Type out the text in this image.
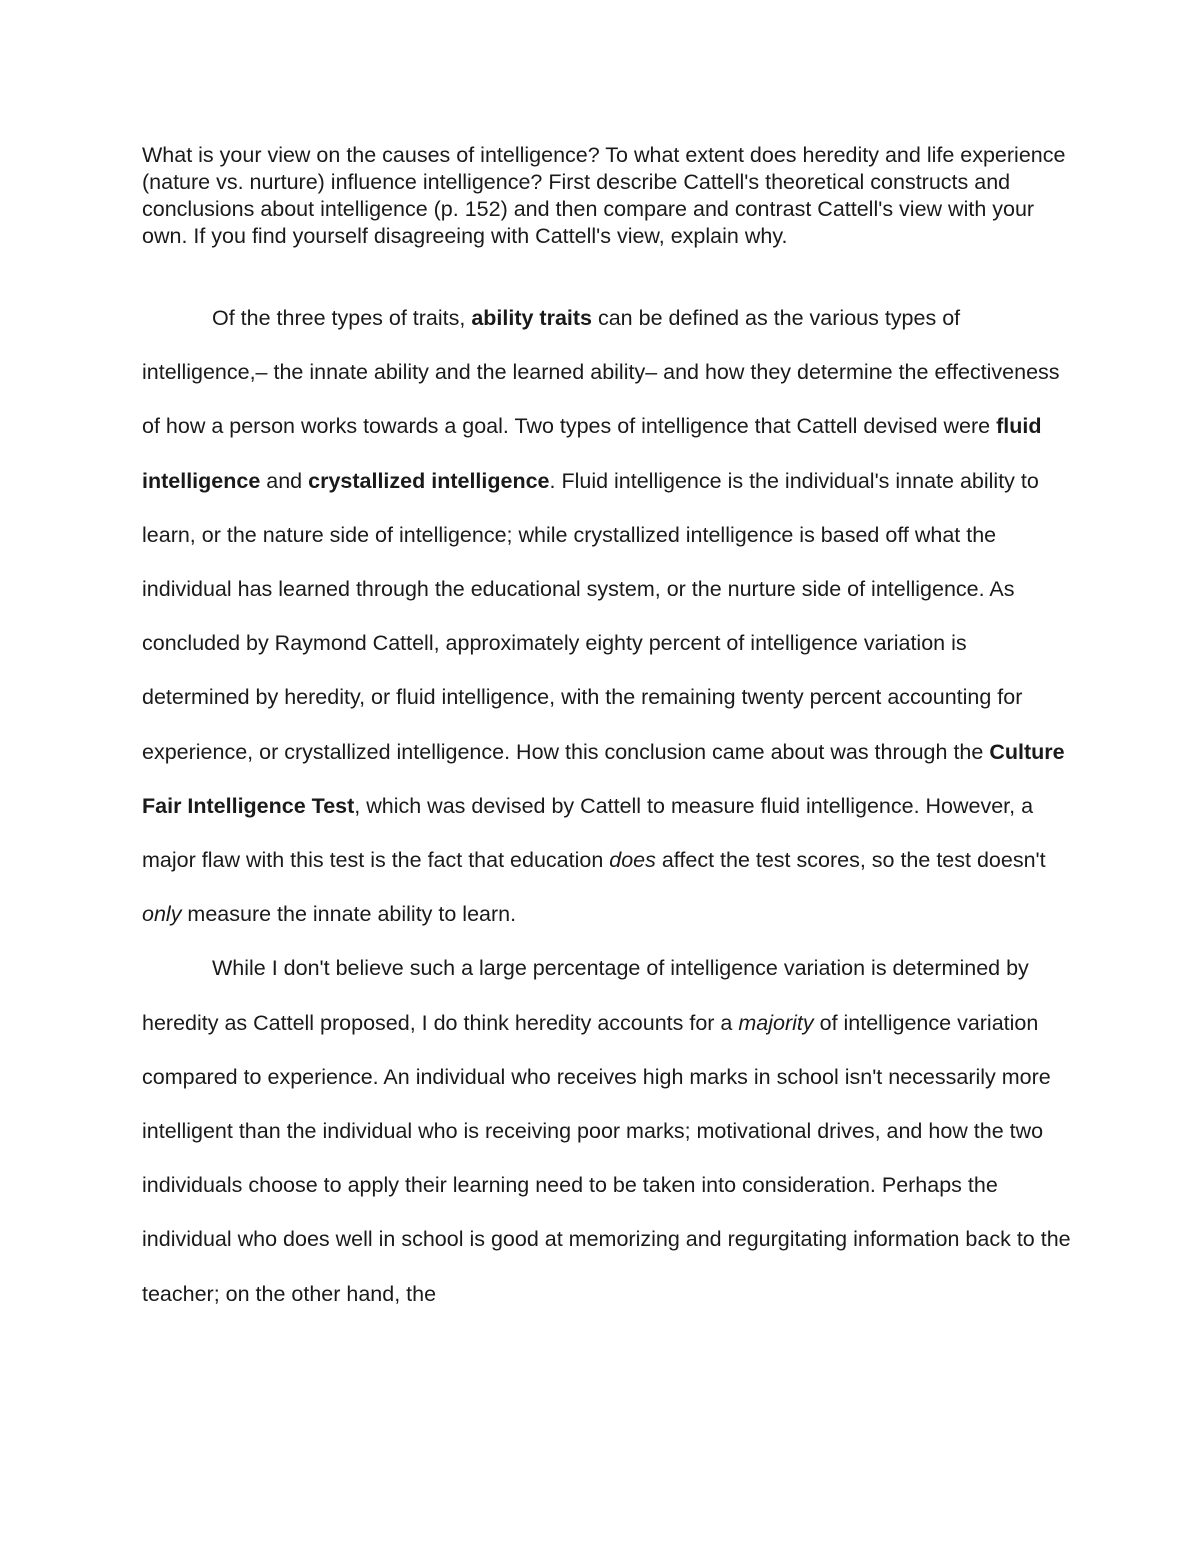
What is your view on the causes of intelligence? To what extent does heredity and life experience (nature vs. nurture) influence intelligence? First describe Cattell's theoretical constructs and conclusions about intelligence (p. 152) and then compare and contrast Cattell's view with your own. If you find yourself disagreeing with Cattell's view, explain why.

Of the three types of traits, ability traits can be defined as the various types of intelligence,– the innate ability and the learned ability– and how they determine the effectiveness of how a person works towards a goal. Two types of intelligence that Cattell devised were fluid intelligence and crystallized intelligence. Fluid intelligence is the individual's innate ability to learn, or the nature side of intelligence; while crystallized intelligence is based off what the individual has learned through the educational system, or the nurture side of intelligence. As concluded by Raymond Cattell, approximately eighty percent of intelligence variation is determined by heredity, or fluid intelligence, with the remaining twenty percent accounting for experience, or crystallized intelligence. How this conclusion came about was through the Culture Fair Intelligence Test, which was devised by Cattell to measure fluid intelligence. However, a major flaw with this test is the fact that education does affect the test scores, so the test doesn't only measure the innate ability to learn.

While I don't believe such a large percentage of intelligence variation is determined by heredity as Cattell proposed, I do think heredity accounts for a majority of intelligence variation compared to experience. An individual who receives high marks in school isn't necessarily more intelligent than the individual who is receiving poor marks; motivational drives, and how the two individuals choose to apply their learning need to be taken into consideration. Perhaps the individual who does well in school is good at memorizing and regurgitating information back to the teacher; on the other hand, the
